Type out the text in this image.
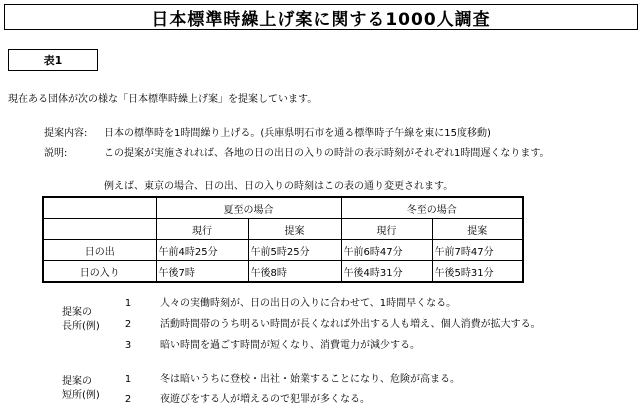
日本標準時繰上げ案に関する1000人調査
表1
現在ある団体が次の様な「日本標準時繰上げ案」を提案しています。
提案内容: 日本の標準時を1時間繰り上げる。(兵庫県明石市を通る標準時子午線を東に15度移動)
説明:	この提案が実施されれば、各地の日の出日の入りの時計の表示時刻がそれぞれ1時間遅くなります。
例えば、東京の場合、日の出、日の入りの時刻はこの表の通り変更されます。
	夏至の場合		冬至の場合	
	現行	提案	現行	提案
日の出	午前4時25分	午前5時25分	午前6時47分	午前7時47分
日の入り	午後7時	午後8時	午後4時31分	午後5時31分
提案の
長所(例)
1	人々の実働時刻が、日の出日の入りに合わせて、1時間早くなる。
2	活動時間帯のうち明るい時間が長くなれば外出する人も増え、個人消費が拡大する。
3	暗い時間を過ごす時間が短くなり、消費電力が減少する。
提案の
短所(例)
1	冬は暗いうちに登校・出社・始業することになり、危険が高まる。
2	夜遊びをする人が増えるので犯罪が多くなる。
